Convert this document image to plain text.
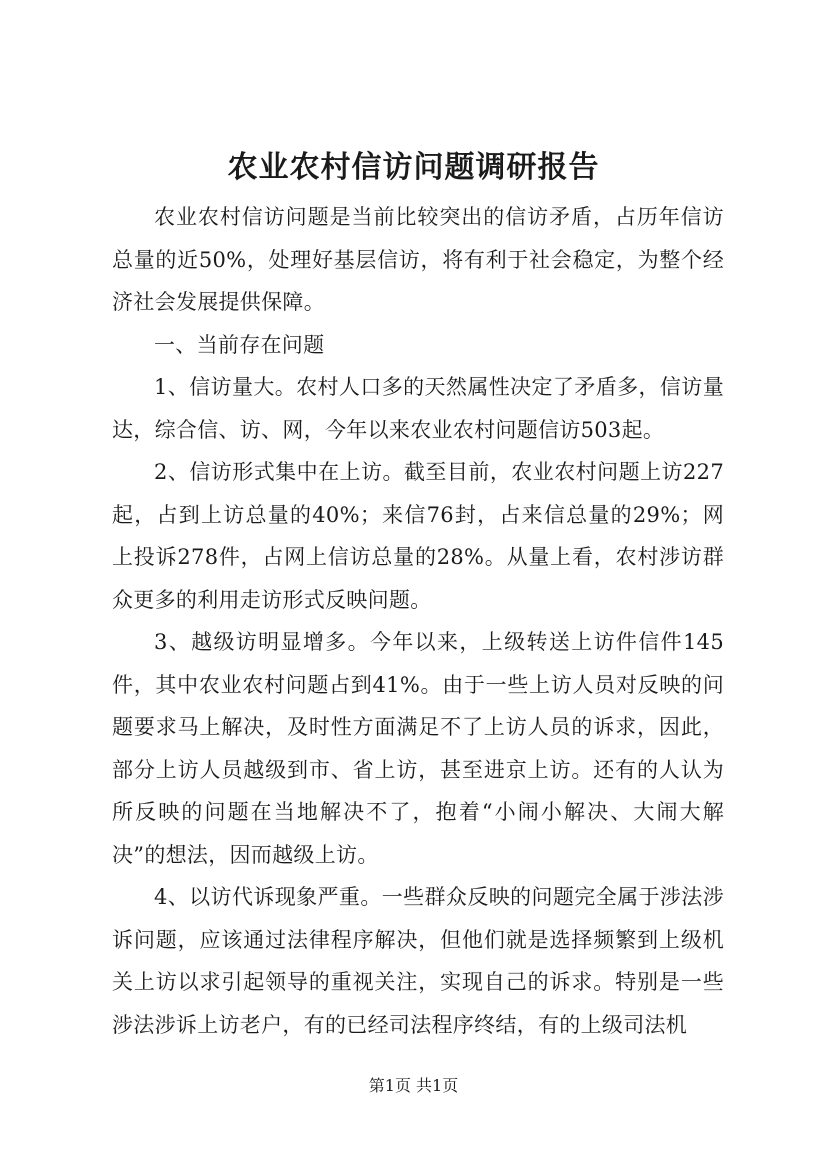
农业农村信访问题调研报告

农业农村信访问题是当前比较突出的信访矛盾，占历年信访总量的近50%，处理好基层信访，将有利于社会稳定，为整个经济社会发展提供保障。

一、当前存在问题

1、信访量大。农村人口多的天然属性决定了矛盾多，信访量达，综合信、访、网，今年以来农业农村问题信访503起。

2、信访形式集中在上访。截至目前，农业农村问题上访227起，占到上访总量的40%；来信76封，占来信总量的29%；网上投诉278件，占网上信访总量的28%。从量上看，农村涉访群众更多的利用走访形式反映问题。

3、越级访明显增多。今年以来，上级转送上访件信件145件，其中农业农村问题占到41%。由于一些上访人员对反映的问题要求马上解决，及时性方面满足不了上访人员的诉求，因此，部分上访人员越级到市、省上访，甚至进京上访。还有的人认为所反映的问题在当地解决不了，抱着“小闹小解决、大闹大解决”的想法，因而越级上访。

4、以访代诉现象严重。一些群众反映的问题完全属于涉法涉诉问题，应该通过法律程序解决，但他们就是选择频繁到上级机关上访以求引起领导的重视关注，实现自己的诉求。特别是一些涉法涉诉上访老户，有的已经司法程序终结，有的上级司法机

第1页 共1页
